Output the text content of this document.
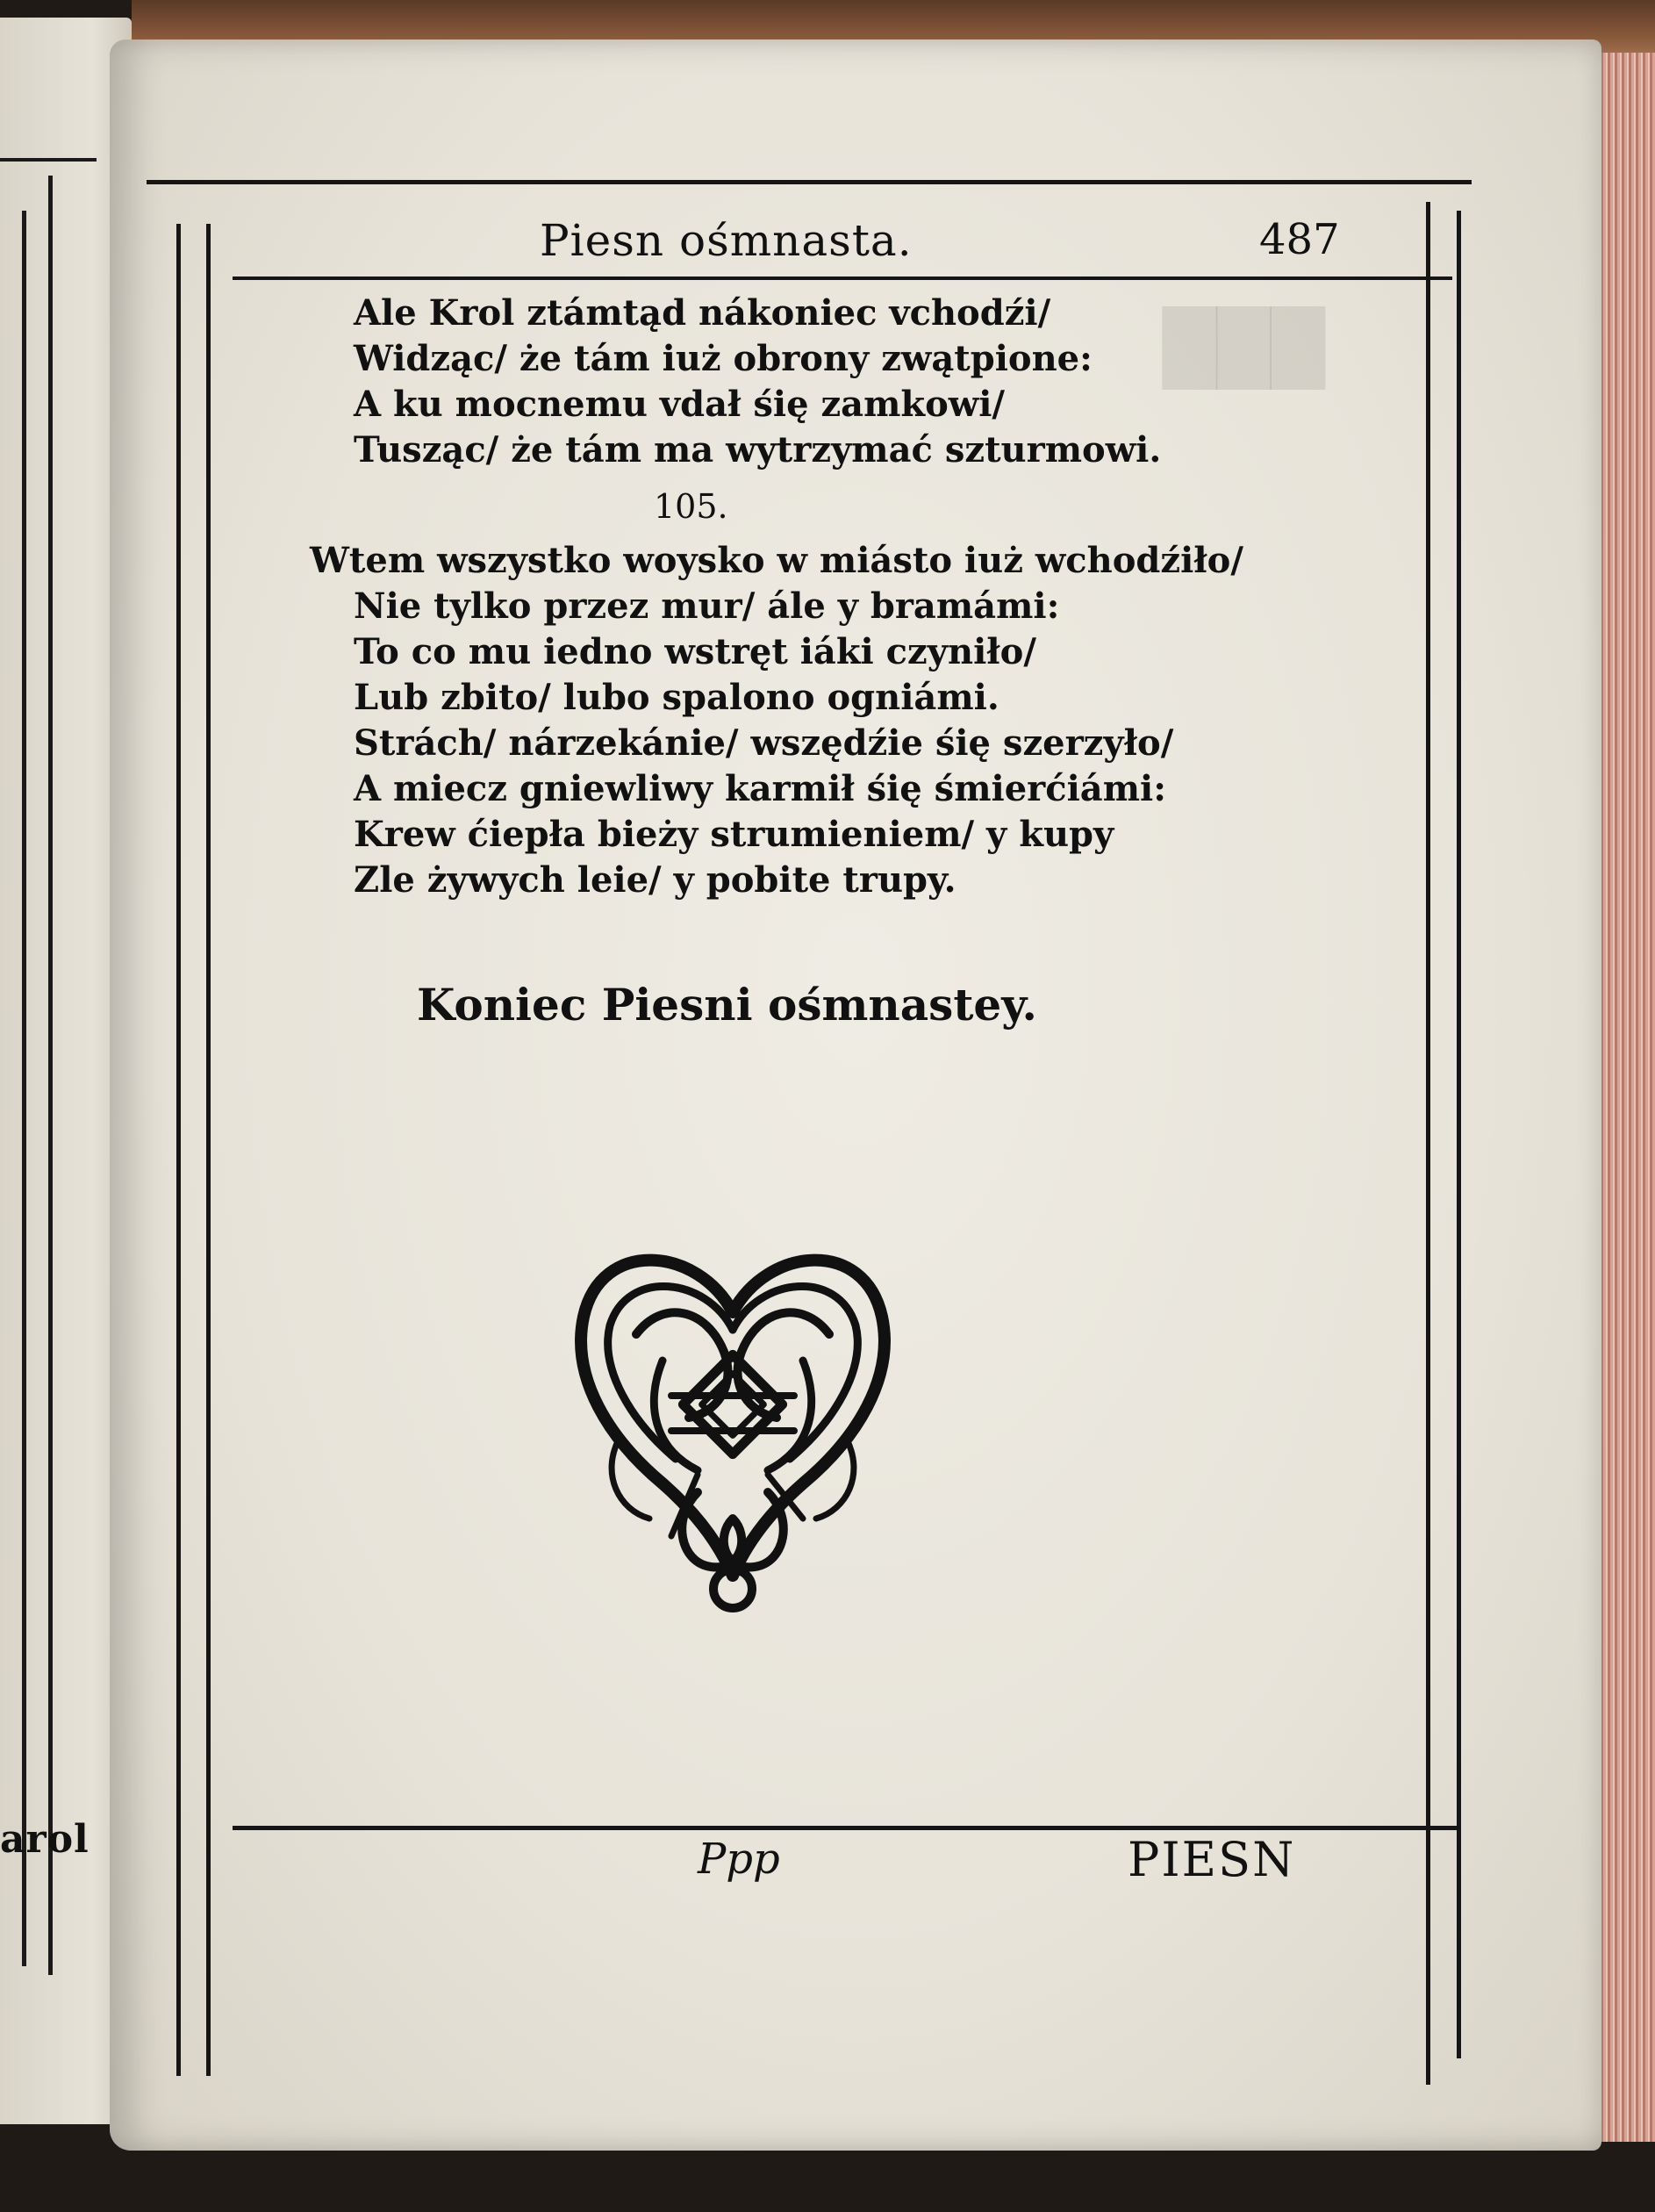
arol
███
Piesn ośmnasta.	487
Ale Krol ztámtąd nákoniec vchodźi/
Widząc/ że tám iuż obrony zwątpione:
A ku mocnemu vdał śię zamkowi/
Tusząc/ że tám ma wytrzymać szturmowi.
105.
Wtem wszystko woysko w miásto iuż wchodźiło/
Nie tylko przez mur/ ále y bramámi:
To co mu iedno wstręt iáki czyniło/
Lub zbito/ lubo spalono ogniámi.
Strách/ nárzekánie/ wszędźie śię szerzyło/
A miecz gniewliwy karmił śię śmierćiámi:
Krew ćiepła bieży strumieniem/ y kupy
Zle żywych leie/ y pobite trupy.
Koniec Piesni ośmnastey.
Ppp	PIESN
